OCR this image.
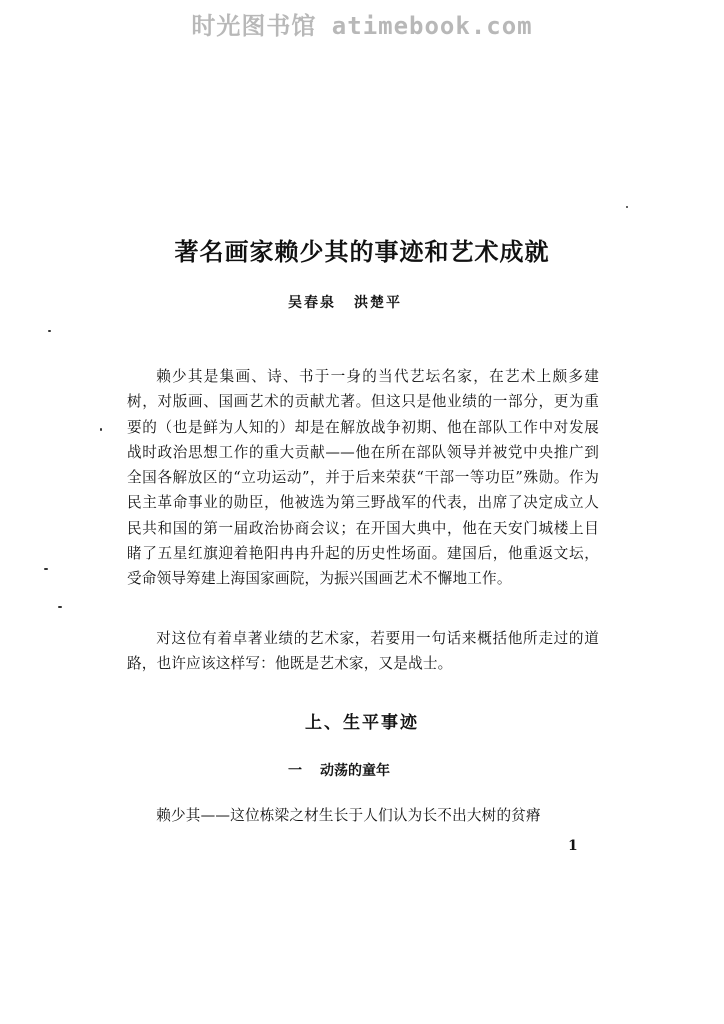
时光图书馆 atimebook.com
著名画家赖少其的事迹和艺术成就
吴春泉 洪楚平

赖少其是集画、诗、书于一身的当代艺坛名家，在艺术上颇多建树，对版画、国画艺术的贡献尤著。但这只是他业绩的一部分，更为重要的（也是鲜为人知的）却是在解放战争初期、他在部队工作中对发展战时政治思想工作的重大贡献——他在所在部队领导并被党中央推广到全国各解放区的“立功运动”，并于后来荣获“干部一等功臣”殊勋。作为民主革命事业的勋臣，他被选为第三野战军的代表，出席了决定成立人民共和国的第一届政治协商会议；在开国大典中，他在天安门城楼上目睹了五星红旗迎着艳阳冉冉升起的历史性场面。建国后，他重返文坛，受命领导筹建上海国家画院，为振兴国画艺术不懈地工作。

对这位有着卓著业绩的艺术家，若要用一句话来概括他所走过的道路，也许应该这样写：他既是艺术家，又是战士。

上、生平事迹
一 动荡的童年

赖少其——这位栋梁之材生长于人们认为长不出大树的贫瘠

1
